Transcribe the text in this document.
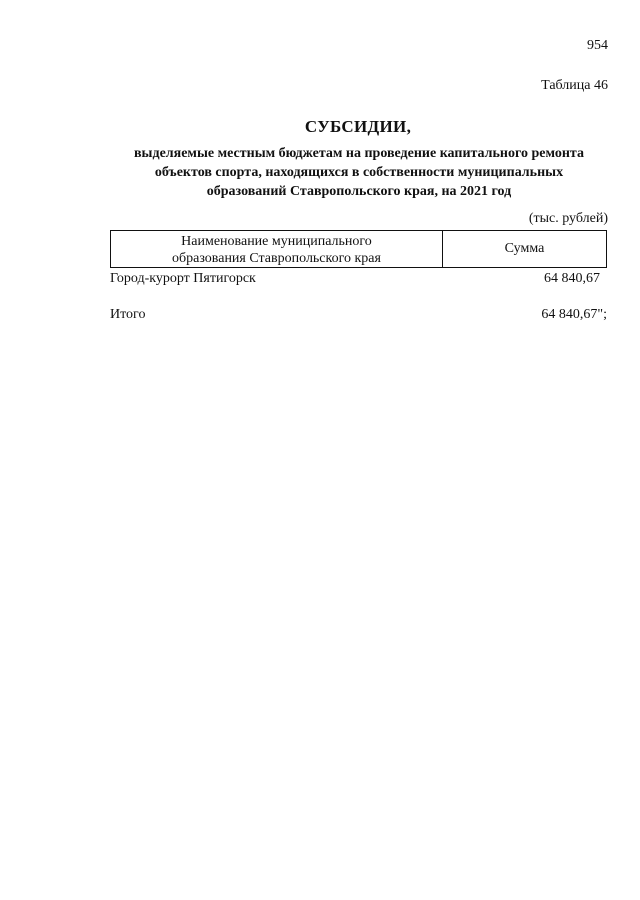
954
Таблица 46
СУБСИДИИ,
выделяемые местным бюджетам на проведение капитального ремонта
объектов спорта, находящихся в собственности муниципальных
образований Ставропольского края, на 2021 год
(тыс. рублей)
Наименование муниципального
образования Ставропольского края
Сумма
Город-курорт Пятигорск	64 840,67
Итого	64 840,67";
